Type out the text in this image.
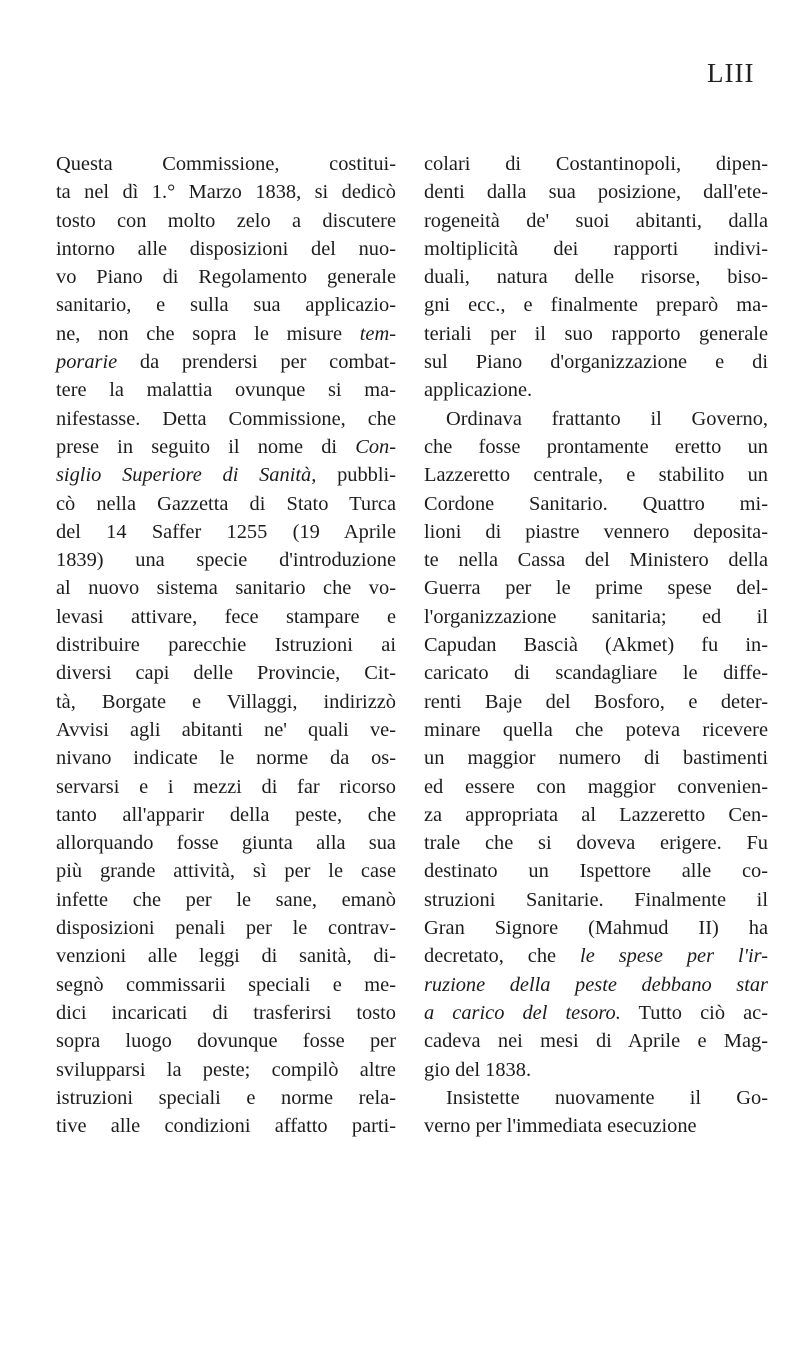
LIII
Questa Commissione, costitui-
ta nel dì 1.° Marzo 1838, si dedicò
tosto con molto zelo a discutere
intorno alle disposizioni del nuo-
vo Piano di Regolamento generale
sanitario, e sulla sua applicazio-
ne, non che sopra le misure tem-
porarie da prendersi per combat-
tere la malattia ovunque si ma-
nifestasse. Detta Commissione, che
prese in seguito il nome di Con-
siglio Superiore di Sanità, pubbli-
cò nella Gazzetta di Stato Turca
del 14 Saffer 1255 (19 Aprile
1839) una specie d'introduzione
al nuovo sistema sanitario che vo-
levasi attivare, fece stampare e
distribuire parecchie Istruzioni ai
diversi capi delle Provincie, Cit-
tà, Borgate e Villaggi, indirizzò
Avvisi agli abitanti ne' quali ve-
nivano indicate le norme da os-
servarsi e i mezzi di far ricorso
tanto all'apparir della peste, che
allorquando fosse giunta alla sua
più grande attività, sì per le case
infette che per le sane, emanò
disposizioni penali per le contrav-
venzioni alle leggi di sanità, di-
segnò commissarii speciali e me-
dici incaricati di trasferirsi tosto
sopra luogo dovunque fosse per
svilupparsi la peste; compilò altre
istruzioni speciali e norme rela-
tive alle condizioni affatto parti-
colari di Costantinopoli, dipen-
denti dalla sua posizione, dall'ete-
rogeneità de' suoi abitanti, dalla
moltiplicità dei rapporti indivi-
duali, natura delle risorse, biso-
gni ecc., e finalmente preparò ma-
teriali per il suo rapporto generale
sul Piano d'organizzazione e di
applicazione.
Ordinava frattanto il Governo,
che fosse prontamente eretto un
Lazzeretto centrale, e stabilito un
Cordone Sanitario. Quattro mi-
lioni di piastre vennero deposita-
te nella Cassa del Ministero della
Guerra per le prime spese del-
l'organizzazione sanitaria; ed il
Capudan Bascià (Akmet) fu in-
caricato di scandagliare le diffe-
renti Baje del Bosforo, e deter-
minare quella che poteva ricevere
un maggior numero di bastimenti
ed essere con maggior convenien-
za appropriata al Lazzeretto Cen-
trale che si doveva erigere. Fu
destinato un Ispettore alle co-
struzioni Sanitarie. Finalmente il
Gran Signore (Mahmud II) ha
decretato, che le spese per l'ir-
ruzione della peste debbano star
a carico del tesoro. Tutto ciò ac-
cadeva nei mesi di Aprile e Mag-
gio del 1838.
Insistette nuovamente il Go-
verno per l'immediata esecuzione
